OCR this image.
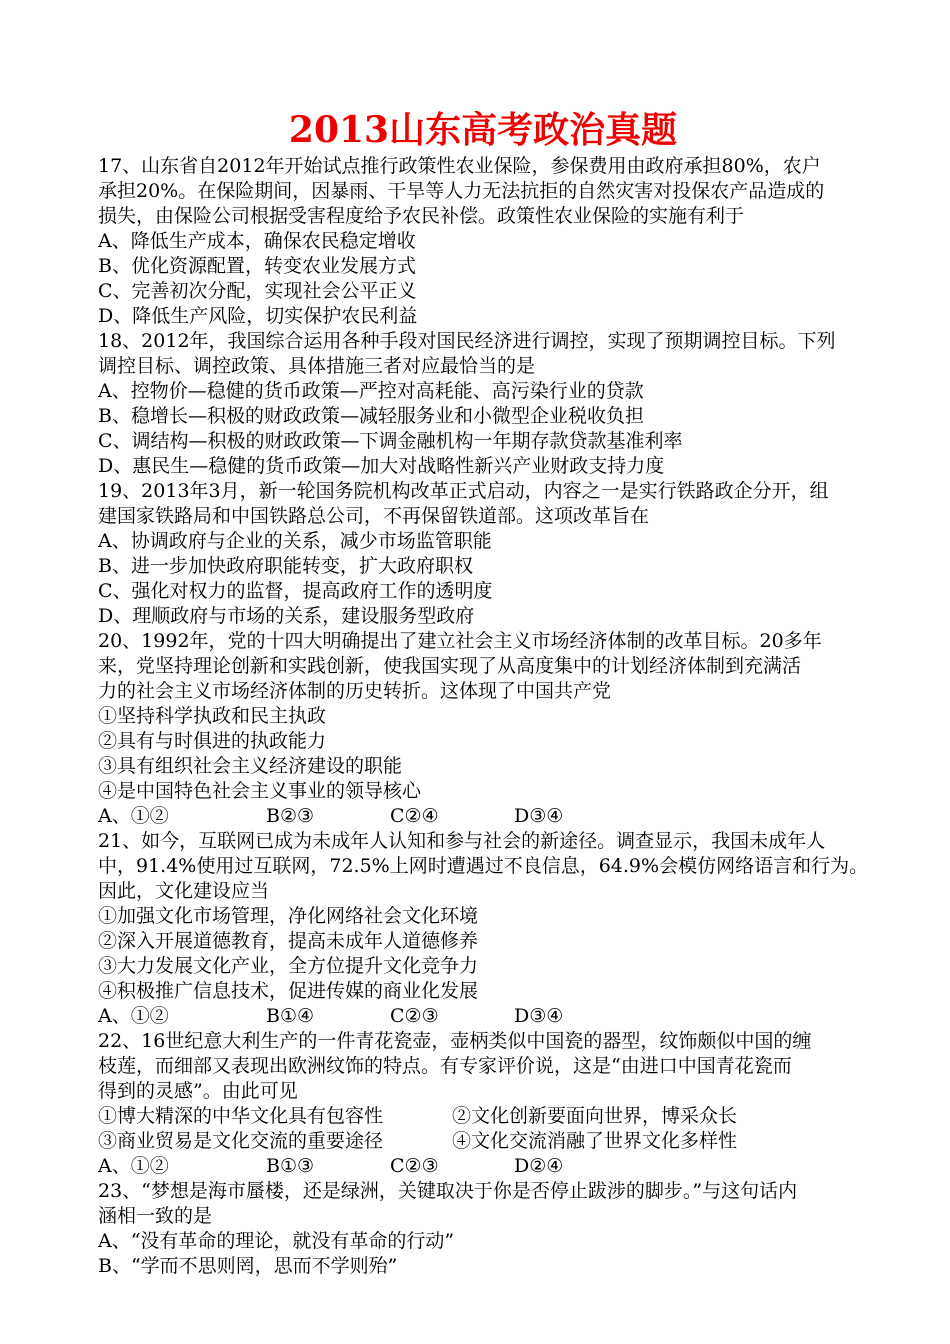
2013山东高考政治真题
17、山东省自2012年开始试点推行政策性农业保险，参保费用由政府承担80%，农户
承担20%。在保险期间，因暴雨、干旱等人力无法抗拒的自然灾害对投保农产品造成的
损失，由保险公司根据受害程度给予农民补偿。政策性农业保险的实施有利于
A、降低生产成本，确保农民稳定增收
B、优化资源配置，转变农业发展方式
C、完善初次分配，实现社会公平正义
D、降低生产风险，切实保护农民利益
18、2012年，我国综合运用各种手段对国民经济进行调控，实现了预期调控目标。下列
调控目标、调控政策、具体措施三者对应最恰当的是
A、控物价—稳健的货币政策—严控对高耗能、高污染行业的贷款
B、稳增长—积极的财政政策—减轻服务业和小微型企业税收负担
C、调结构—积极的财政政策—下调金融机构一年期存款贷款基准利率
D、惠民生—稳健的货币政策—加大对战略性新兴产业财政支持力度
19、2013年3月，新一轮国务院机构改革正式启动，内容之一是实行铁路政企分开，组
建国家铁路局和中国铁路总公司，不再保留铁道部。这项改革旨在
A、协调政府与企业的关系，减少市场监管职能
B、进一步加快政府职能转变，扩大政府职权
C、强化对权力的监督，提高政府工作的透明度
D、理顺政府与市场的关系，建设服务型政府
20、1992年，党的十四大明确提出了建立社会主义市场经济体制的改革目标。20多年
来，党坚持理论创新和实践创新，使我国实现了从高度集中的计划经济体制到充满活
力的社会主义市场经济体制的历史转折。这体现了中国共产党
①坚持科学执政和民主执政
②具有与时俱进的执政能力
③具有组织社会主义经济建设的职能
④是中国特色社会主义事业的领导核心
A、①②	B②③	C②④	D③④
21、如今，互联网已成为未成年人认知和参与社会的新途径。调查显示，我国未成年人
中，91.4%使用过互联网，72.5%上网时遭遇过不良信息，64.9%会模仿网络语言和行为。
因此，文化建设应当
①加强文化市场管理，净化网络社会文化环境
②深入开展道德教育，提高未成年人道德修养
③大力发展文化产业，全方位提升文化竞争力
④积极推广信息技术，促进传媒的商业化发展
A、①②	B①④	C②③	D③④
22、16世纪意大利生产的一件青花瓷壶，壶柄类似中国瓷的器型，纹饰颇似中国的缠
枝莲，而细部又表现出欧洲纹饰的特点。有专家评价说，这是“由进口中国青花瓷而
得到的灵感”。由此可见
①博大精深的中华文化具有包容性	②文化创新要面向世界，博采众长
③商业贸易是文化交流的重要途径	④文化交流消融了世界文化多样性
A、①②	B①③	C②③	D②④
23、“梦想是海市蜃楼，还是绿洲，关键取决于你是否停止跋涉的脚步。”与这句话内
涵相一致的是
A、“没有革命的理论，就没有革命的行动”
B、“学而不思则罔，思而不学则殆”
